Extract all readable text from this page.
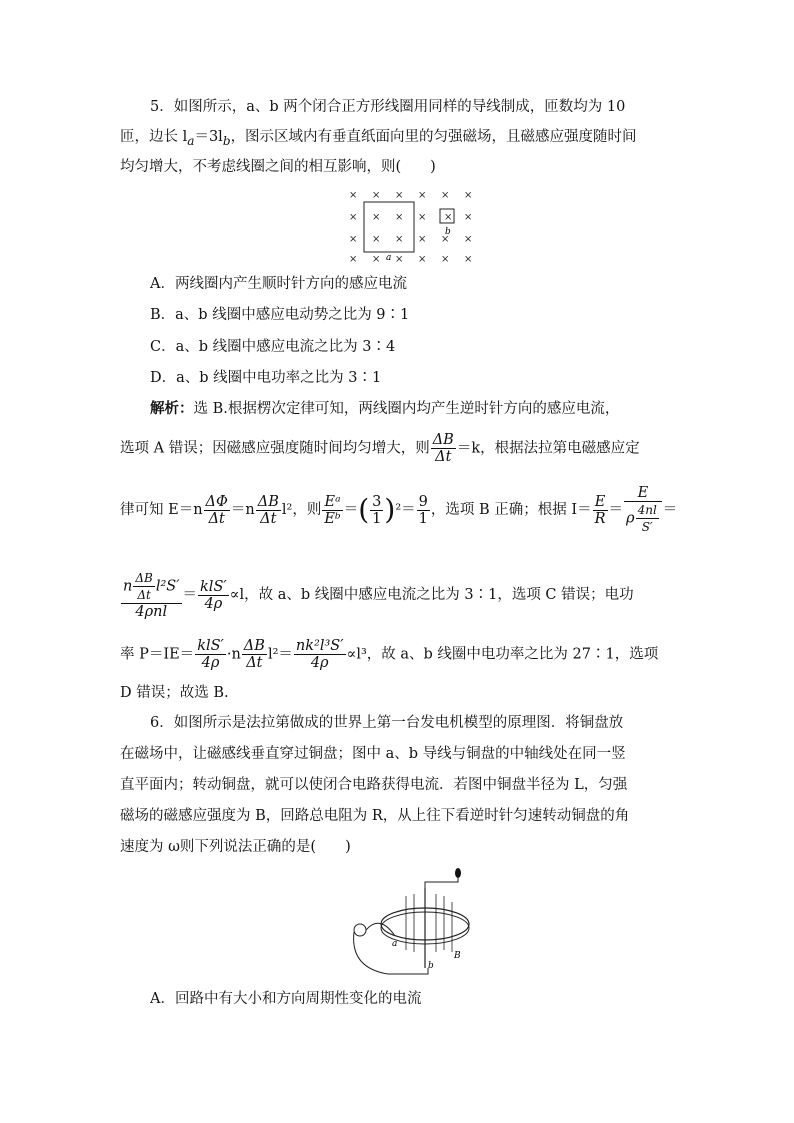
5．如图所示，a、b 两个闭合正方形线圈用同样的导线制成，匝数均为 10
匝，边长 $l_a=3l_b$，图示区域内有垂直纸面向里的匀强磁场，且磁感应强度随时间
均匀增大，不考虑线圈之间的相互影响，则(　　)
× × × × × ×
× × × ×	×
× × × × × ×
× × × × × ×
×
a
b
A．两线圈内产生顺时针方向的感应电流
B．a、b 线圈中感应电动势之比为 9∶1
C．a、b 线圈中感应电流之比为 3∶4
D．a、b 线圈中电功率之比为 3∶1
解析：选 B.根据楞次定律可知，两线圈内均产生逆时针方向的感应电流，
选项 A 错误；因磁感应强度随时间均匀增大，则 $\frac{\Delta B}{\Delta t} =k$，根据法拉第电磁感应定
律可知 $E=n \frac{\Delta\Phi}{\Delta t} =n \frac{\Delta B}{\Delta t} l^2$，则 $\frac{\text{Eᵃ}}{\text{Eᵇ}}$ ＝( $\frac{3}{1} )^2= \frac{9}{1}$ ，选项 B 正确；根据 $I= \frac{E}{R} = \frac{E}{\rho \frac{4nl}{S'}}$ ＝
$\frac{n \frac{\Delta B}{\Delta t} l^2S'}{\text{4ρnl}} = \frac{\text{klS′}}{4\rho} \propto l$，故 a、b 线圈中感应电流之比为 3∶1，选项 C 错误；电功
率 $P=IE= \frac{\text{klS′}}{4\rho} \cdot n \frac{\Delta B}{\Delta t} l^2= \frac{\text{nk²l³S′}}{4\rho} \propto l^3$，故 a、b 线圈中电功率之比为 27∶1，选项
D 错误；故选 B.
6．如图所示是法拉第做成的世界上第一台发电机模型的原理图．将铜盘放
在磁场中，让磁感线垂直穿过铜盘；图中 a、b 导线与铜盘的中轴线处在同一竖
直平面内；转动铜盘，就可以使闭合电路获得电流．若图中铜盘半径为 L，匀强
磁场的磁感应强度为 B，回路总电阻为 R，从上往下看逆时针匀速转动铜盘的角
速度为 ω则下列说法正确的是(　　)
a
b
B
A．回路中有大小和方向周期性变化的电流
